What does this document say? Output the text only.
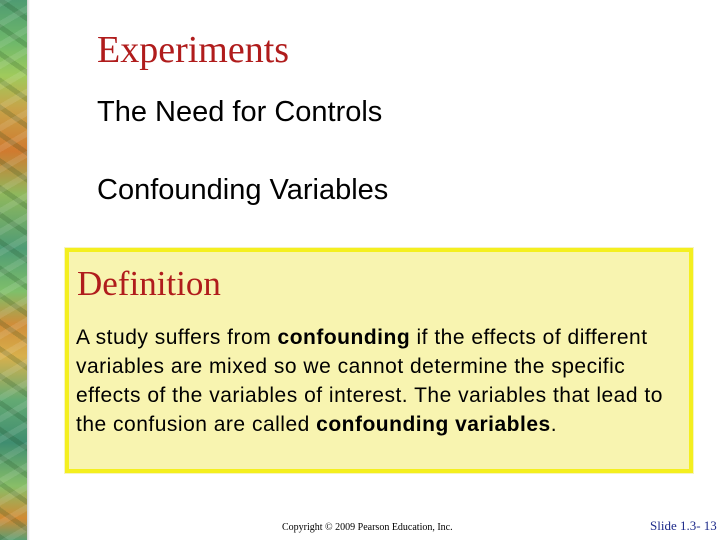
Experiments
The Need for Controls
Confounding Variables
Definition
A study suffers from confounding if the effects of different variables are mixed so we cannot determine the specific effects of the variables of interest. The variables that lead to the confusion are called confounding variables.
Copyright © 2009 Pearson Education, Inc.	Slide 1.3- 13
